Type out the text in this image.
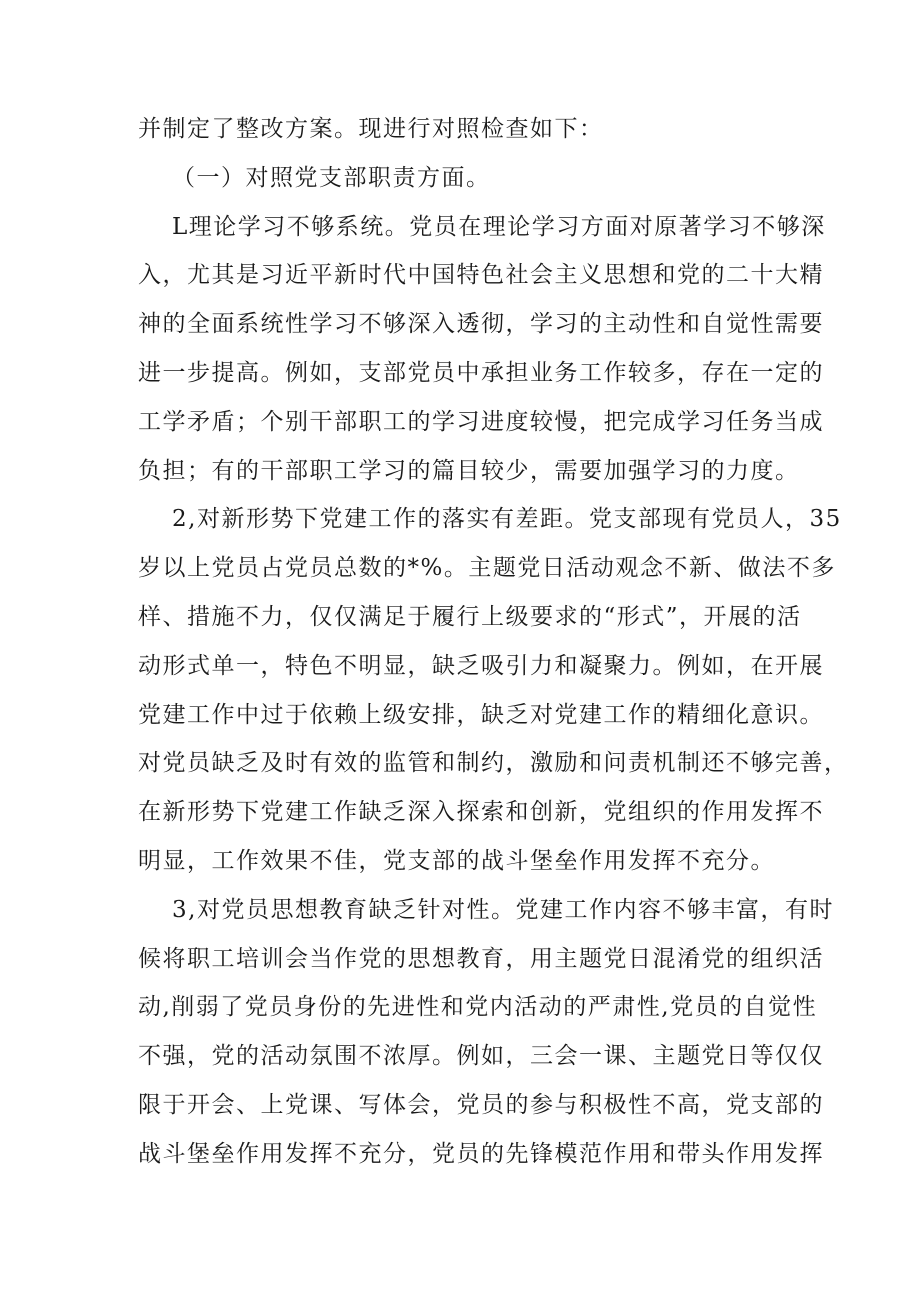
并制定了整改方案。现进行对照检查如下：
（一）对照党支部职责方面。
L理论学习不够系统。党员在理论学习方面对原著学习不够深
入，尤其是习近平新时代中国特色社会主义思想和党的二十大精
神的全面系统性学习不够深入透彻，学习的主动性和自觉性需要
进一步提高。例如，支部党员中承担业务工作较多，存在一定的
工学矛盾；个别干部职工的学习进度较慢，把完成学习任务当成
负担；有的干部职工学习的篇目较少，需要加强学习的力度。
2,对新形势下党建工作的落实有差距。党支部现有党员人，35
岁以上党员占党员总数的*%。主题党日活动观念不新、做法不多
样、措施不力，仅仅满足于履行上级要求的“形式”，开展的活
动形式单一，特色不明显，缺乏吸引力和凝聚力。例如，在开展
党建工作中过于依赖上级安排，缺乏对党建工作的精细化意识。
对党员缺乏及时有效的监管和制约，激励和问责机制还不够完善，
在新形势下党建工作缺乏深入探索和创新，党组织的作用发挥不
明显，工作效果不佳，党支部的战斗堡垒作用发挥不充分。
3,对党员思想教育缺乏针对性。党建工作内容不够丰富，有时
候将职工培训会当作党的思想教育，用主题党日混淆党的组织活
动,削弱了党员身份的先进性和党内活动的严肃性,党员的自觉性
不强，党的活动氛围不浓厚。例如，三会一课、主题党日等仅仅
限于开会、上党课、写体会，党员的参与积极性不高，党支部的
战斗堡垒作用发挥不充分，党员的先锋模范作用和带头作用发挥
